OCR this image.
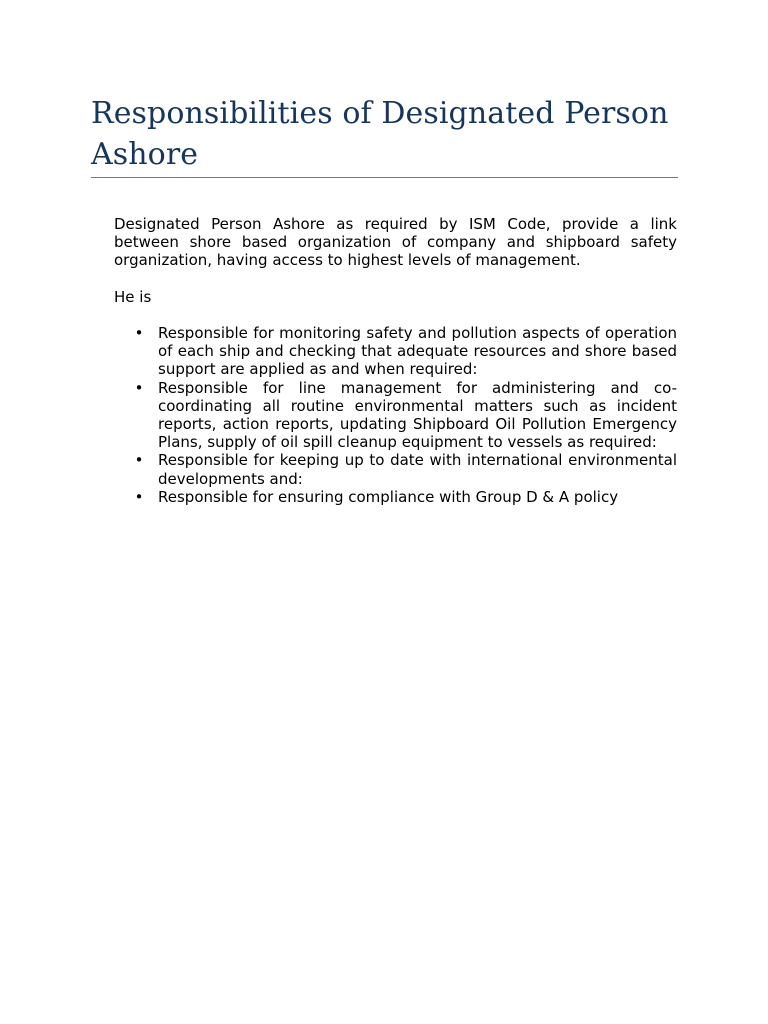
Responsibilities of Designated Person Ashore

Designated Person Ashore as required by ISM Code, provide a link between shore based organization of company and shipboard safety organization, having access to highest levels of management.

He is

• Responsible for monitoring safety and pollution aspects of operation of each ship and checking that adequate resources and shore based support are applied as and when required:
• Responsible for line management for administering and co-coordinating all routine environmental matters such as incident reports, action reports, updating Shipboard Oil Pollution Emergency Plans, supply of oil spill cleanup equipment to vessels as required:
• Responsible for keeping up to date with international environmental developments and:
• Responsible for ensuring compliance with Group D & A policy
